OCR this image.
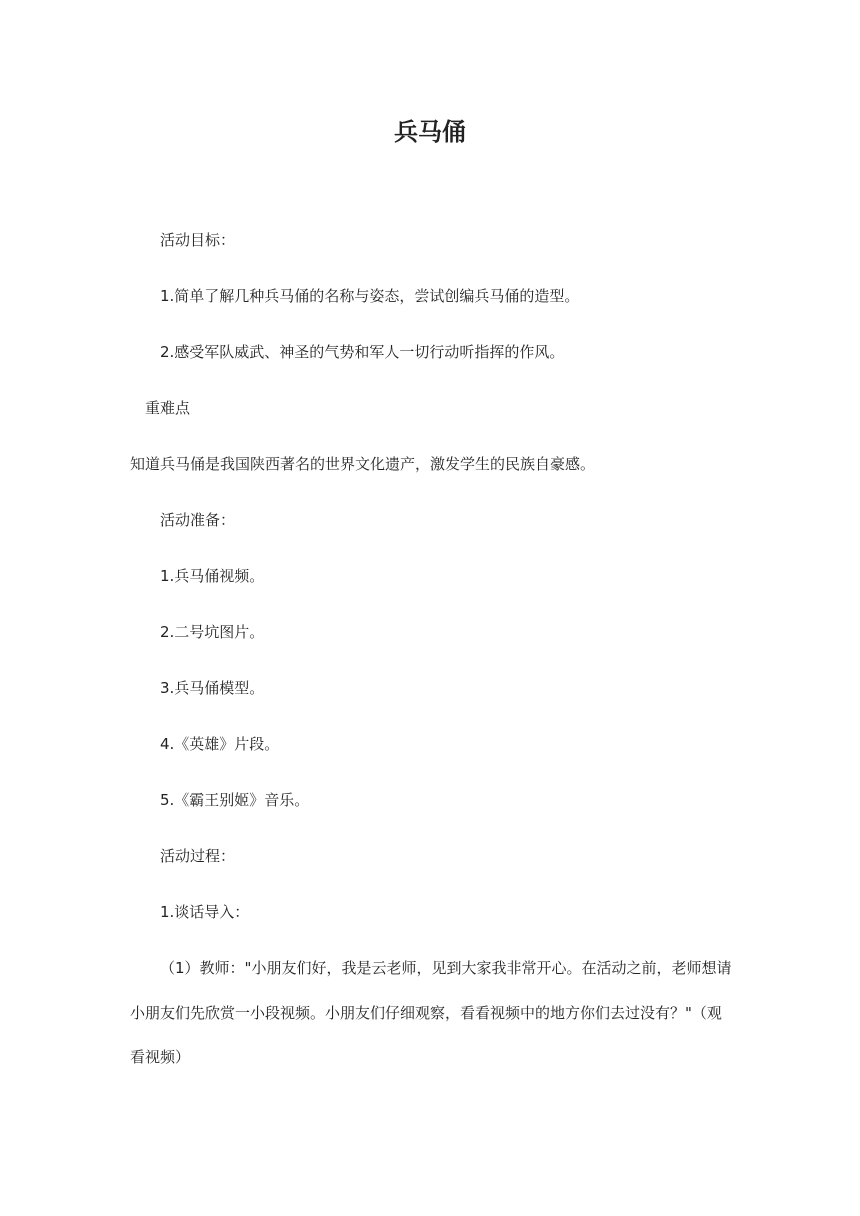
兵马俑
活动目标：
1.简单了解几种兵马俑的名称与姿态，尝试创编兵马俑的造型。
2.感受军队威武、神圣的气势和军人一切行动听指挥的作风。
重难点
知道兵马俑是我国陕西著名的世界文化遗产，激发学生的民族自豪感。
活动准备：
1.兵马俑视频。
2.二号坑图片。
3.兵马俑模型。
4.《英雄》片段。
5.《霸王别姬》音乐。
活动过程：
1.谈话导入：
（1）教师："小朋友们好，我是云老师，见到大家我非常开心。在活动之前，老师想请
小朋友们先欣赏一小段视频。小朋友们仔细观察，看看视频中的地方你们去过没有？"（观
看视频）
